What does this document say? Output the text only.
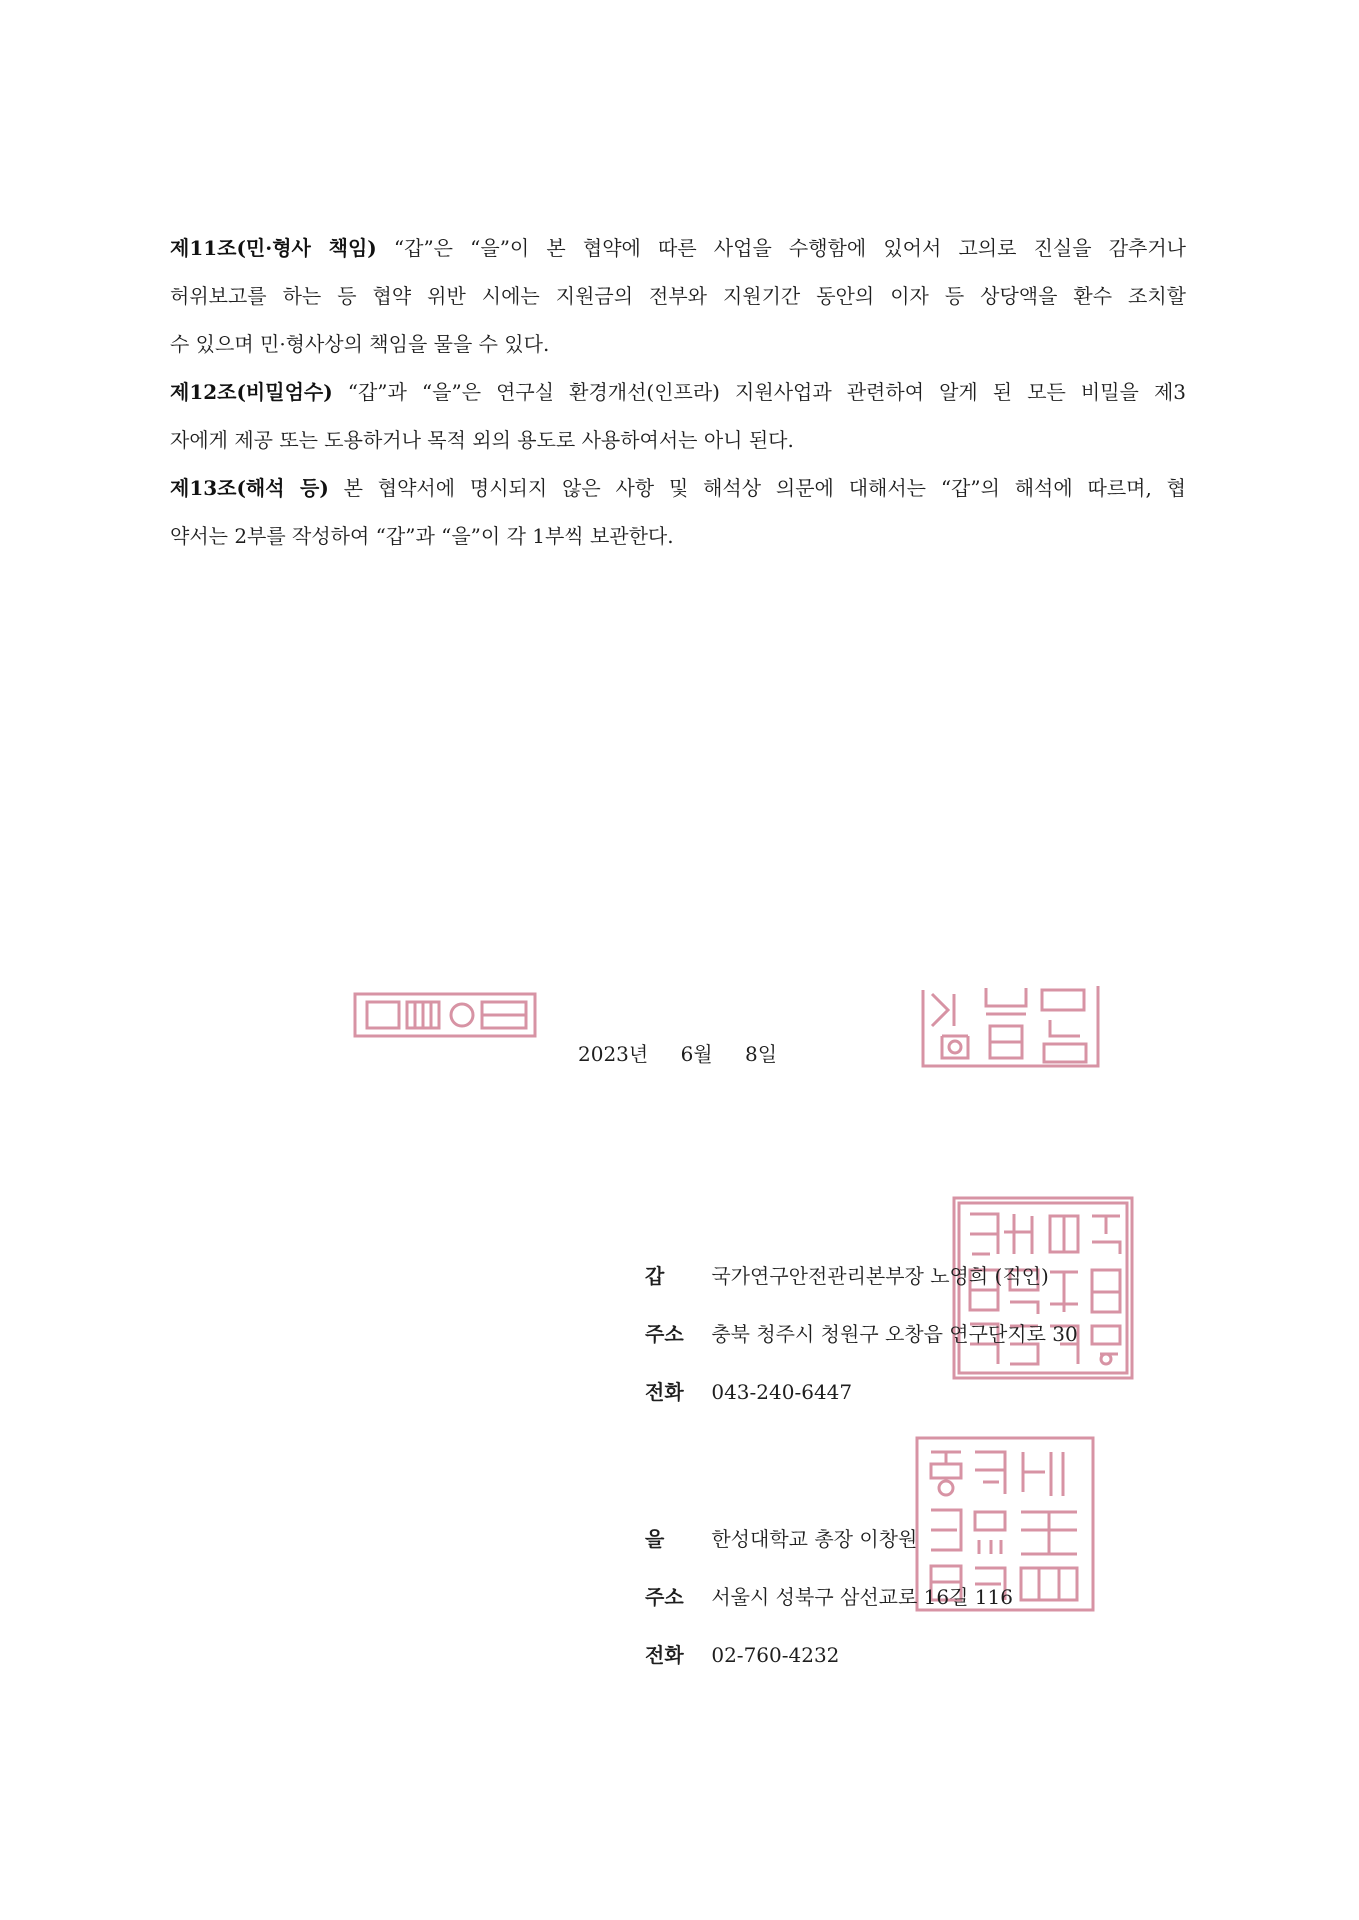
제11조(민·형사 책임) “갑”은 “을”이 본 협약에 따른 사업을 수행함에 있어서 고의로 진실을 감추거나
허위보고를 하는 등 협약 위반 시에는 지원금의 전부와 지원기간 동안의 이자 등 상당액을 환수 조치할
수 있으며 민·형사상의 책임을 물을 수 있다.
제12조(비밀엄수) “갑”과 “을”은 연구실 환경개선(인프라) 지원사업과 관련하여 알게 된 모든 비밀을 제3
자에게 제공 또는 도용하거나 목적 외의 용도로 사용하여서는 아니 된다.
제13조(해석 등) 본 협약서에 명시되지 않은 사항 및 해석상 의문에 대해서는 “갑”의 해석에 따르며, 협
약서는 2부를 작성하여 “갑”과 “을”이 각 1부씩 보관한다.
2023년 6월 8일
갑 국가연구안전관리본부장 노영희 (직인)
주소 충북 청주시 청원구 오창읍 연구단지로 30
전화 043-240-6447
을 한성대학교 총장 이창원
주소 서울시 성북구 삼선교로 16길 116
전화 02-760-4232
